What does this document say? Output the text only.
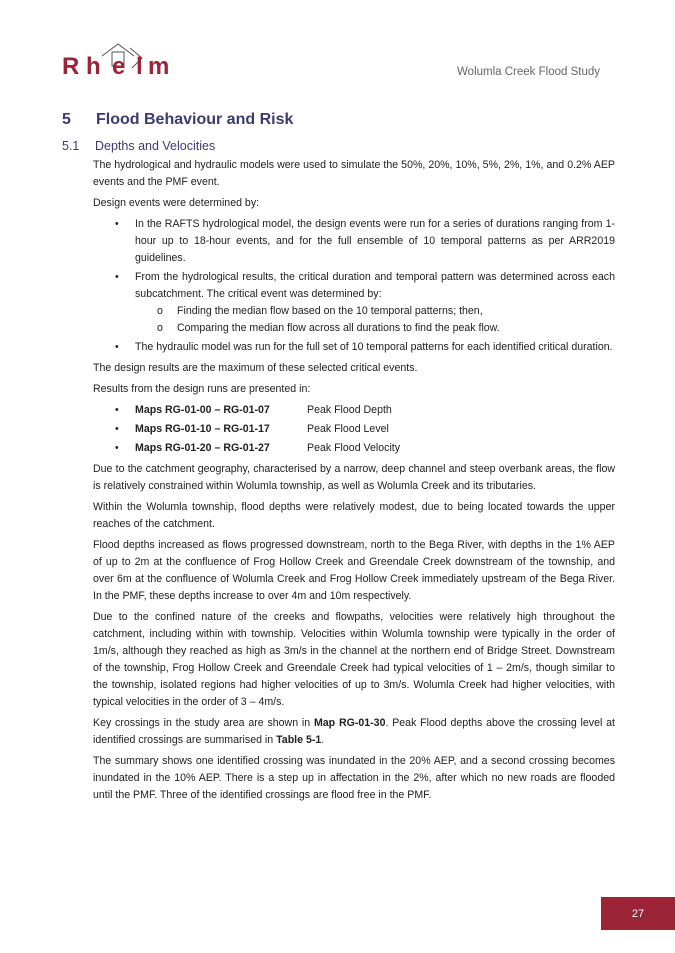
R h e l m	Wolumla Creek Flood Study
5 Flood Behaviour and Risk
5.1 Depths and Velocities

The hydrological and hydraulic models were used to simulate the 50%, 20%, 10%, 5%, 2%, 1%, and 0.2% AEP events and the PMF event.

Design events were determined by:

• In the RAFTS hydrological model, the design events were run for a series of durations ranging from 1-hour up to 18-hour events, and for the full ensemble of 10 temporal patterns as per ARR2019 guidelines.
• From the hydrological results, the critical duration and temporal pattern was determined across each subcatchment. The critical event was determined by:
o Finding the median flow based on the 10 temporal patterns; then,
o Comparing the median flow across all durations to find the peak flow.
• The hydraulic model was run for the full set of 10 temporal patterns for each identified critical duration.

The design results are the maximum of these selected critical events.

Results from the design runs are presented in:

• Maps RG-01-00 – RG-01-07	Peak Flood Depth
• Maps RG-01-10 – RG-01-17	Peak Flood Level
• Maps RG-01-20 – RG-01-27	Peak Flood Velocity

Due to the catchment geography, characterised by a narrow, deep channel and steep overbank areas, the flow is relatively constrained within Wolumla township, as well as Wolumla Creek and its tributaries.

Within the Wolumla township, flood depths were relatively modest, due to being located towards the upper reaches of the catchment.

Flood depths increased as flows progressed downstream, north to the Bega River, with depths in the 1% AEP of up to 2m at the confluence of Frog Hollow Creek and Greendale Creek downstream of the township, and over 6m at the confluence of Wolumla Creek and Frog Hollow Creek immediately upstream of the Bega River. In the PMF, these depths increase to over 4m and 10m respectively.

Due to the confined nature of the creeks and flowpaths, velocities were relatively high throughout the catchment, including within with township. Velocities within Wolumla township were typically in the order of 1m/s, although they reached as high as 3m/s in the channel at the northern end of Bridge Street. Downstream of the township, Frog Hollow Creek and Greendale Creek had typical velocities of 1 – 2m/s, though similar to the township, isolated regions had higher velocities of up to 3m/s. Wolumla Creek had higher velocities, with typical velocities in the order of 3 – 4m/s.

Key crossings in the study area are shown in Map RG-01-30. Peak Flood depths above the crossing level at identified crossings are summarised in Table 5-1.

The summary shows one identified crossing was inundated in the 20% AEP, and a second crossing becomes inundated in the 10% AEP. There is a step up in affectation in the 2%, after which no new roads are flooded until the PMF. Three of the identified crossings are flood free in the PMF.

27
